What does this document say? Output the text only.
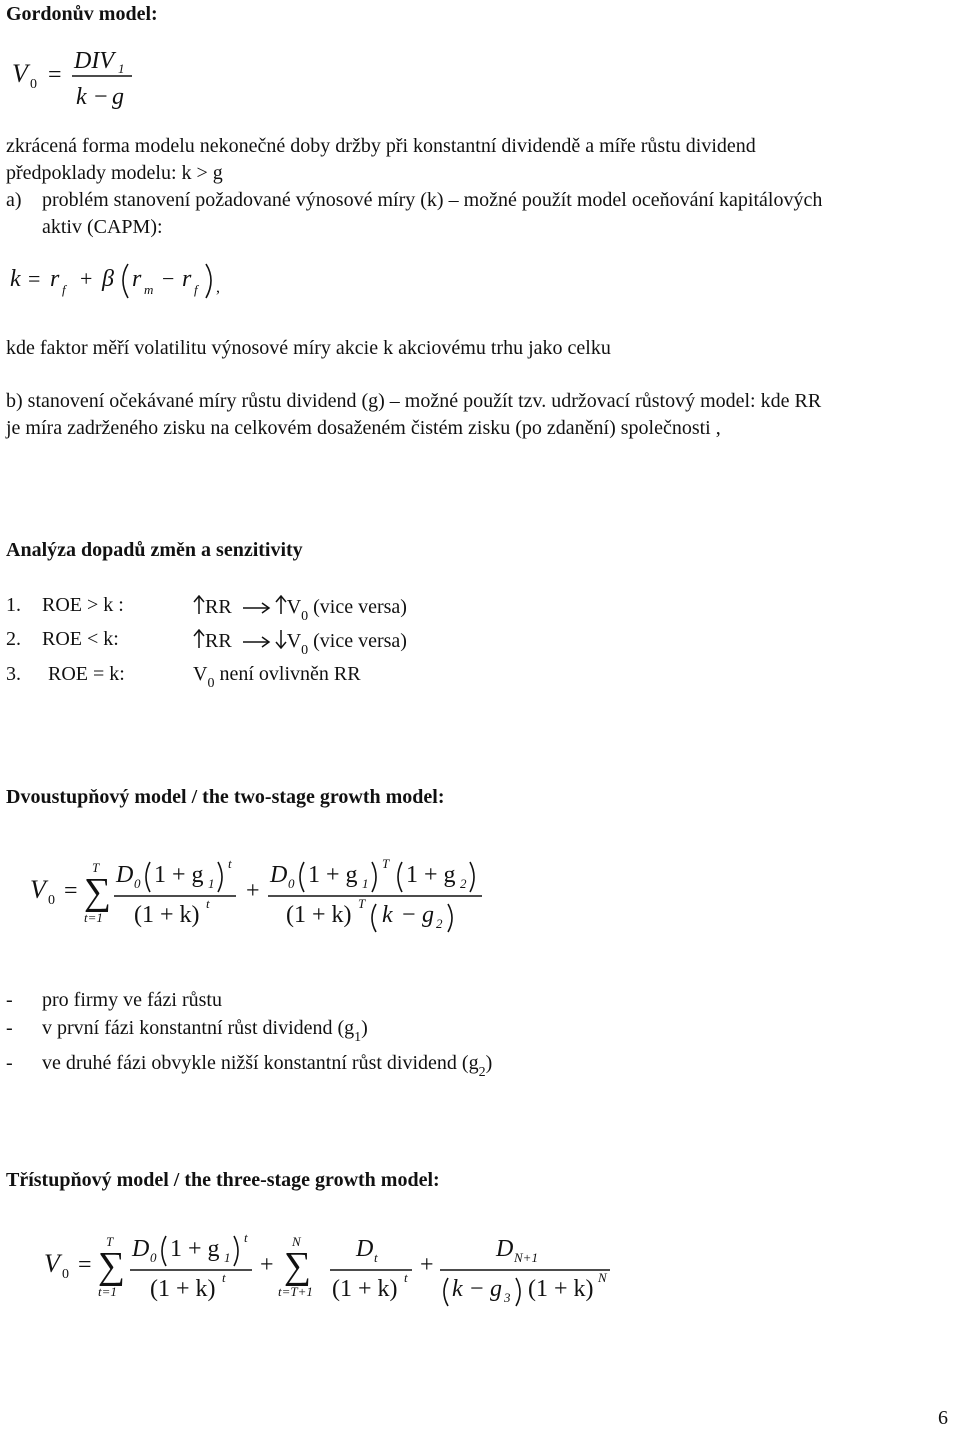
Gordonův model:
V 0 =
DIV 1
k − g
zkrácená forma modelu nekonečné doby držby při konstantní dividendě a míře růstu dividend
předpoklady modelu: k > g
a) problém stanovení požadované výnosové míry (k) – možné použít model oceňování kapitálových
aktiv (CAPM):
k = r f + β r m − r f ,
kde faktor měří volatilitu výnosové míry akcie k akciovému trhu jako celku
b) stanovení očekávané míry růstu dividend (g) – možné použít tzv. udržovací růstový model: kde RR
je míra zadrženého zisku na celkovém dosaženém čistém zisku (po zdanění) společnosti ,
Analýza dopadů změn a senzitivity
1. ROE > k :	RR	$V_0$ (vice versa)
2. ROE < k:	RR	$V_0$ (vice versa)
3. ROE = k:	$V_0$ není ovlivněn RR
Dvoustupňový model / the two-stage growth model:
V 0 =
T
∑
t=1
D 0 1 + g 1
t
(1 + k) t +
D 0 1 + g 1
T 1 + g 2
(1 + k) T k − g 2
- pro firmy ve fázi růstu
- v první fázi konstantní růst dividend $(g_1)$
- ve druhé fázi obvykle nižší konstantní růst dividend $(g_2)$
Třístupňový model / the three-stage growth model:
V 0 =
T
∑
t=1
D 0 1 + g 1
t
(1 + k) t +
N
∑
t=T+1
D t
(1 + k) t +
D N+1
k − g 3 (1 + k) N
6
